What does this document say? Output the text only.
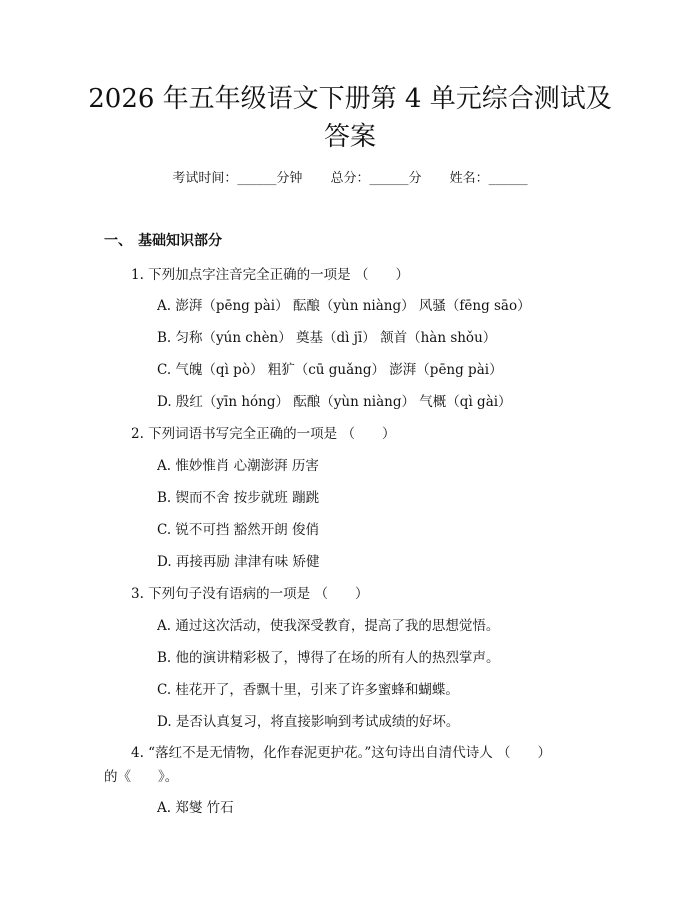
2026 年五年级语文下册第 4 单元综合测试及
答案
考试时间：______分钟 总分：______分 姓名：______
一、 基础知识部分
1. 下列加点字注音完全正确的一项是 （　　）
A. 澎湃（pēng pài） 酝酿（yùn niàng） 风骚（fēng sāo）
B. 匀称（yún chèn） 奠基（dì jī） 颔首（hàn shǒu）
C. 气魄（qì pò） 粗犷（cū guǎng） 澎湃（pēng pài）
D. 殷红（yīn hóng） 酝酿（yùn niàng） 气概（qì gài）
2. 下列词语书写完全正确的一项是 （　　）
A. 惟妙惟肖 心潮澎湃 历害
B. 锲而不舍 按步就班 蹦跳
C. 锐不可挡 豁然开朗 俊俏
D. 再接再励 津津有味 矫健
3. 下列句子没有语病的一项是 （　　）
A. 通过这次活动，使我深受教育，提高了我的思想觉悟。
B. 他的演讲精彩极了，博得了在场的所有人的热烈掌声。
C. 桂花开了，香飘十里，引来了许多蜜蜂和蝴蝶。
D. 是否认真复习，将直接影响到考试成绩的好坏。
4. “落红不是无情物，化作春泥更护花。”这句诗出自清代诗人 （　　）
的《　　》。
A. 郑燮 竹石
